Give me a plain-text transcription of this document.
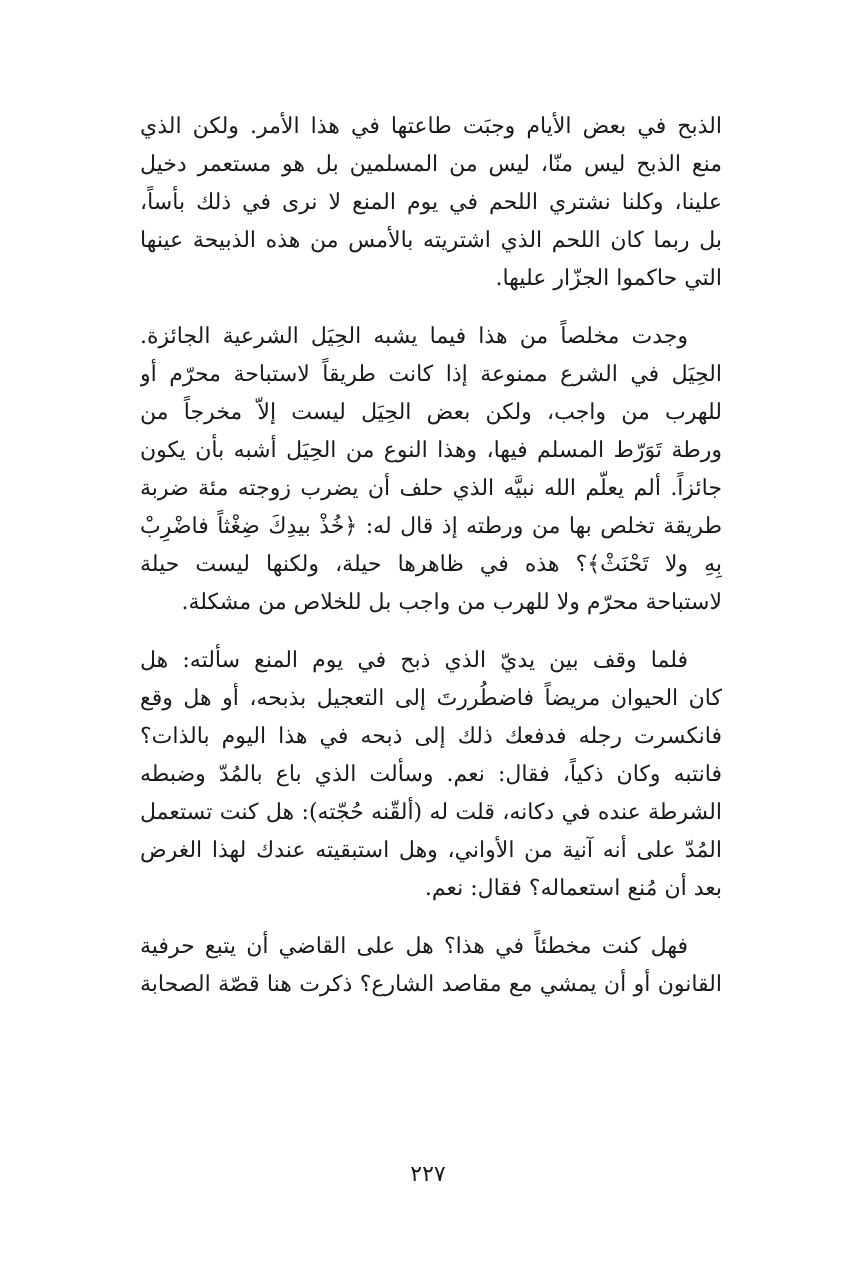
الذبح في بعض الأيام وجبَت طاعتها في هذا الأمر. ولكن الذي
منع الذبح ليس منّا، ليس من المسلمين بل هو مستعمر دخيل
علينا، وكلنا نشتري اللحم في يوم المنع لا نرى في ذلك بأساً،
بل ربما كان اللحم الذي اشتريته بالأمس من هذه الذبيحة عينها
التي حاكموا الجزّار عليها.

وجدت مخلصاً من هذا فيما يشبه الحِيَل الشرعية الجائزة.
الحِيَل في الشرع ممنوعة إذا كانت طريقاً لاستباحة محرّم أو
للهرب من واجب، ولكن بعض الحِيَل ليست إلاّ مخرجاً من
ورطة تَوَرّط المسلم فيها، وهذا النوع من الحِيَل أشبه بأن يكون
جائزاً. ألم يعلّم الله نبيَّه الذي حلف أن يضرب زوجته مئة ضربة
طريقة تخلص بها من ورطته إذ قال له: ﴿خُذْ بيدِكَ ضِغْثاً فاضْرِبْ
بِهِ ولا تَحْنَثْ﴾؟ هذه في ظاهرها حيلة، ولكنها ليست حيلة
لاستباحة محرّم ولا للهرب من واجب بل للخلاص من مشكلة.

فلما وقف بين يديّ الذي ذبح في يوم المنع سألته: هل
كان الحيوان مريضاً فاضطُررتَ إلى التعجيل بذبحه، أو هل وقع
فانكسرت رجله فدفعك ذلك إلى ذبحه في هذا اليوم بالذات؟
فانتبه وكان ذكياً، فقال: نعم. وسألت الذي باع بالمُدّ وضبطه
الشرطة عنده في دكانه، قلت له (ألقّنه حُجّته): هل كنت تستعمل
المُدّ على أنه آنية من الأواني، وهل استبقيته عندك لهذا الغرض
بعد أن مُنع استعماله؟ فقال: نعم.

فهل كنت مخطئاً في هذا؟ هل على القاضي أن يتبع حرفية
القانون أو أن يمشي مع مقاصد الشارع؟ ذكرت هنا قصّة الصحابة

٢٢٧
